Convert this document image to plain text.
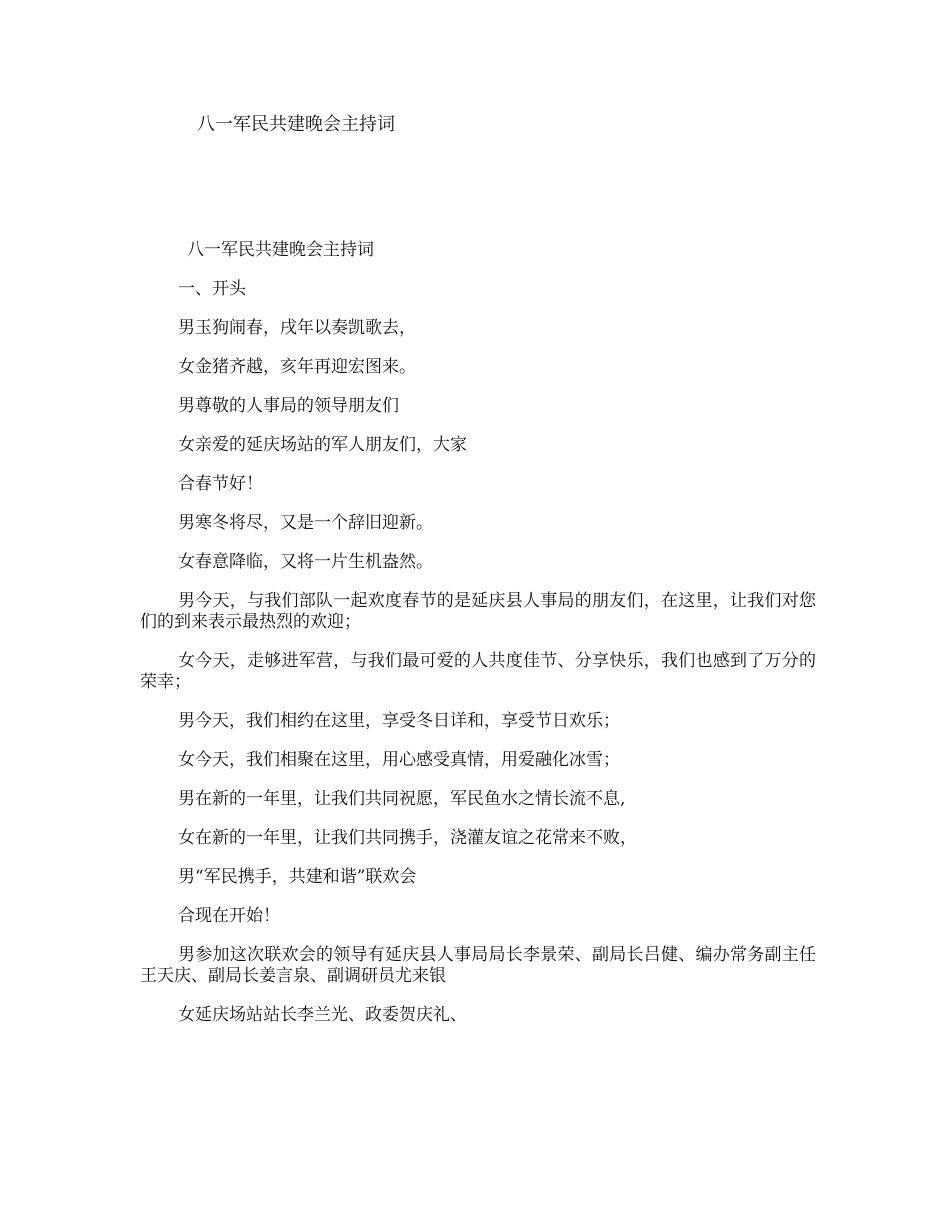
八一军民共建晚会主持词

八一军民共建晚会主持词

一、开头

男玉狗闹春，戌年以奏凯歌去，

女金猪齐越，亥年再迎宏图来。

男尊敬的人事局的领导朋友们

女亲爱的延庆场站的军人朋友们，大家

合春节好！

男寒冬将尽，又是一个辞旧迎新。

女春意降临，又将一片生机盎然。

男今天，与我们部队一起欢度春节的是延庆县人事局的朋友们，在这里，让我们对您们的到来表示最热烈的欢迎；

女今天，走够进军营，与我们最可爱的人共度佳节、分享快乐，我们也感到了万分的荣幸；

男今天，我们相约在这里，享受冬日详和，享受节日欢乐；

女今天，我们相聚在这里，用心感受真情，用爱融化冰雪；

男在新的一年里，让我们共同祝愿，军民鱼水之情长流不息,

女在新的一年里，让我们共同携手，浇灌友谊之花常来不败，

男“军民携手，共建和谐”联欢会

合现在开始！

男参加这次联欢会的领导有延庆县人事局局长李景荣、副局长吕健、编办常务副主任王天庆、副局长姜言泉、副调研员尤来银

女延庆场站站长李兰光、政委贺庆礼、
